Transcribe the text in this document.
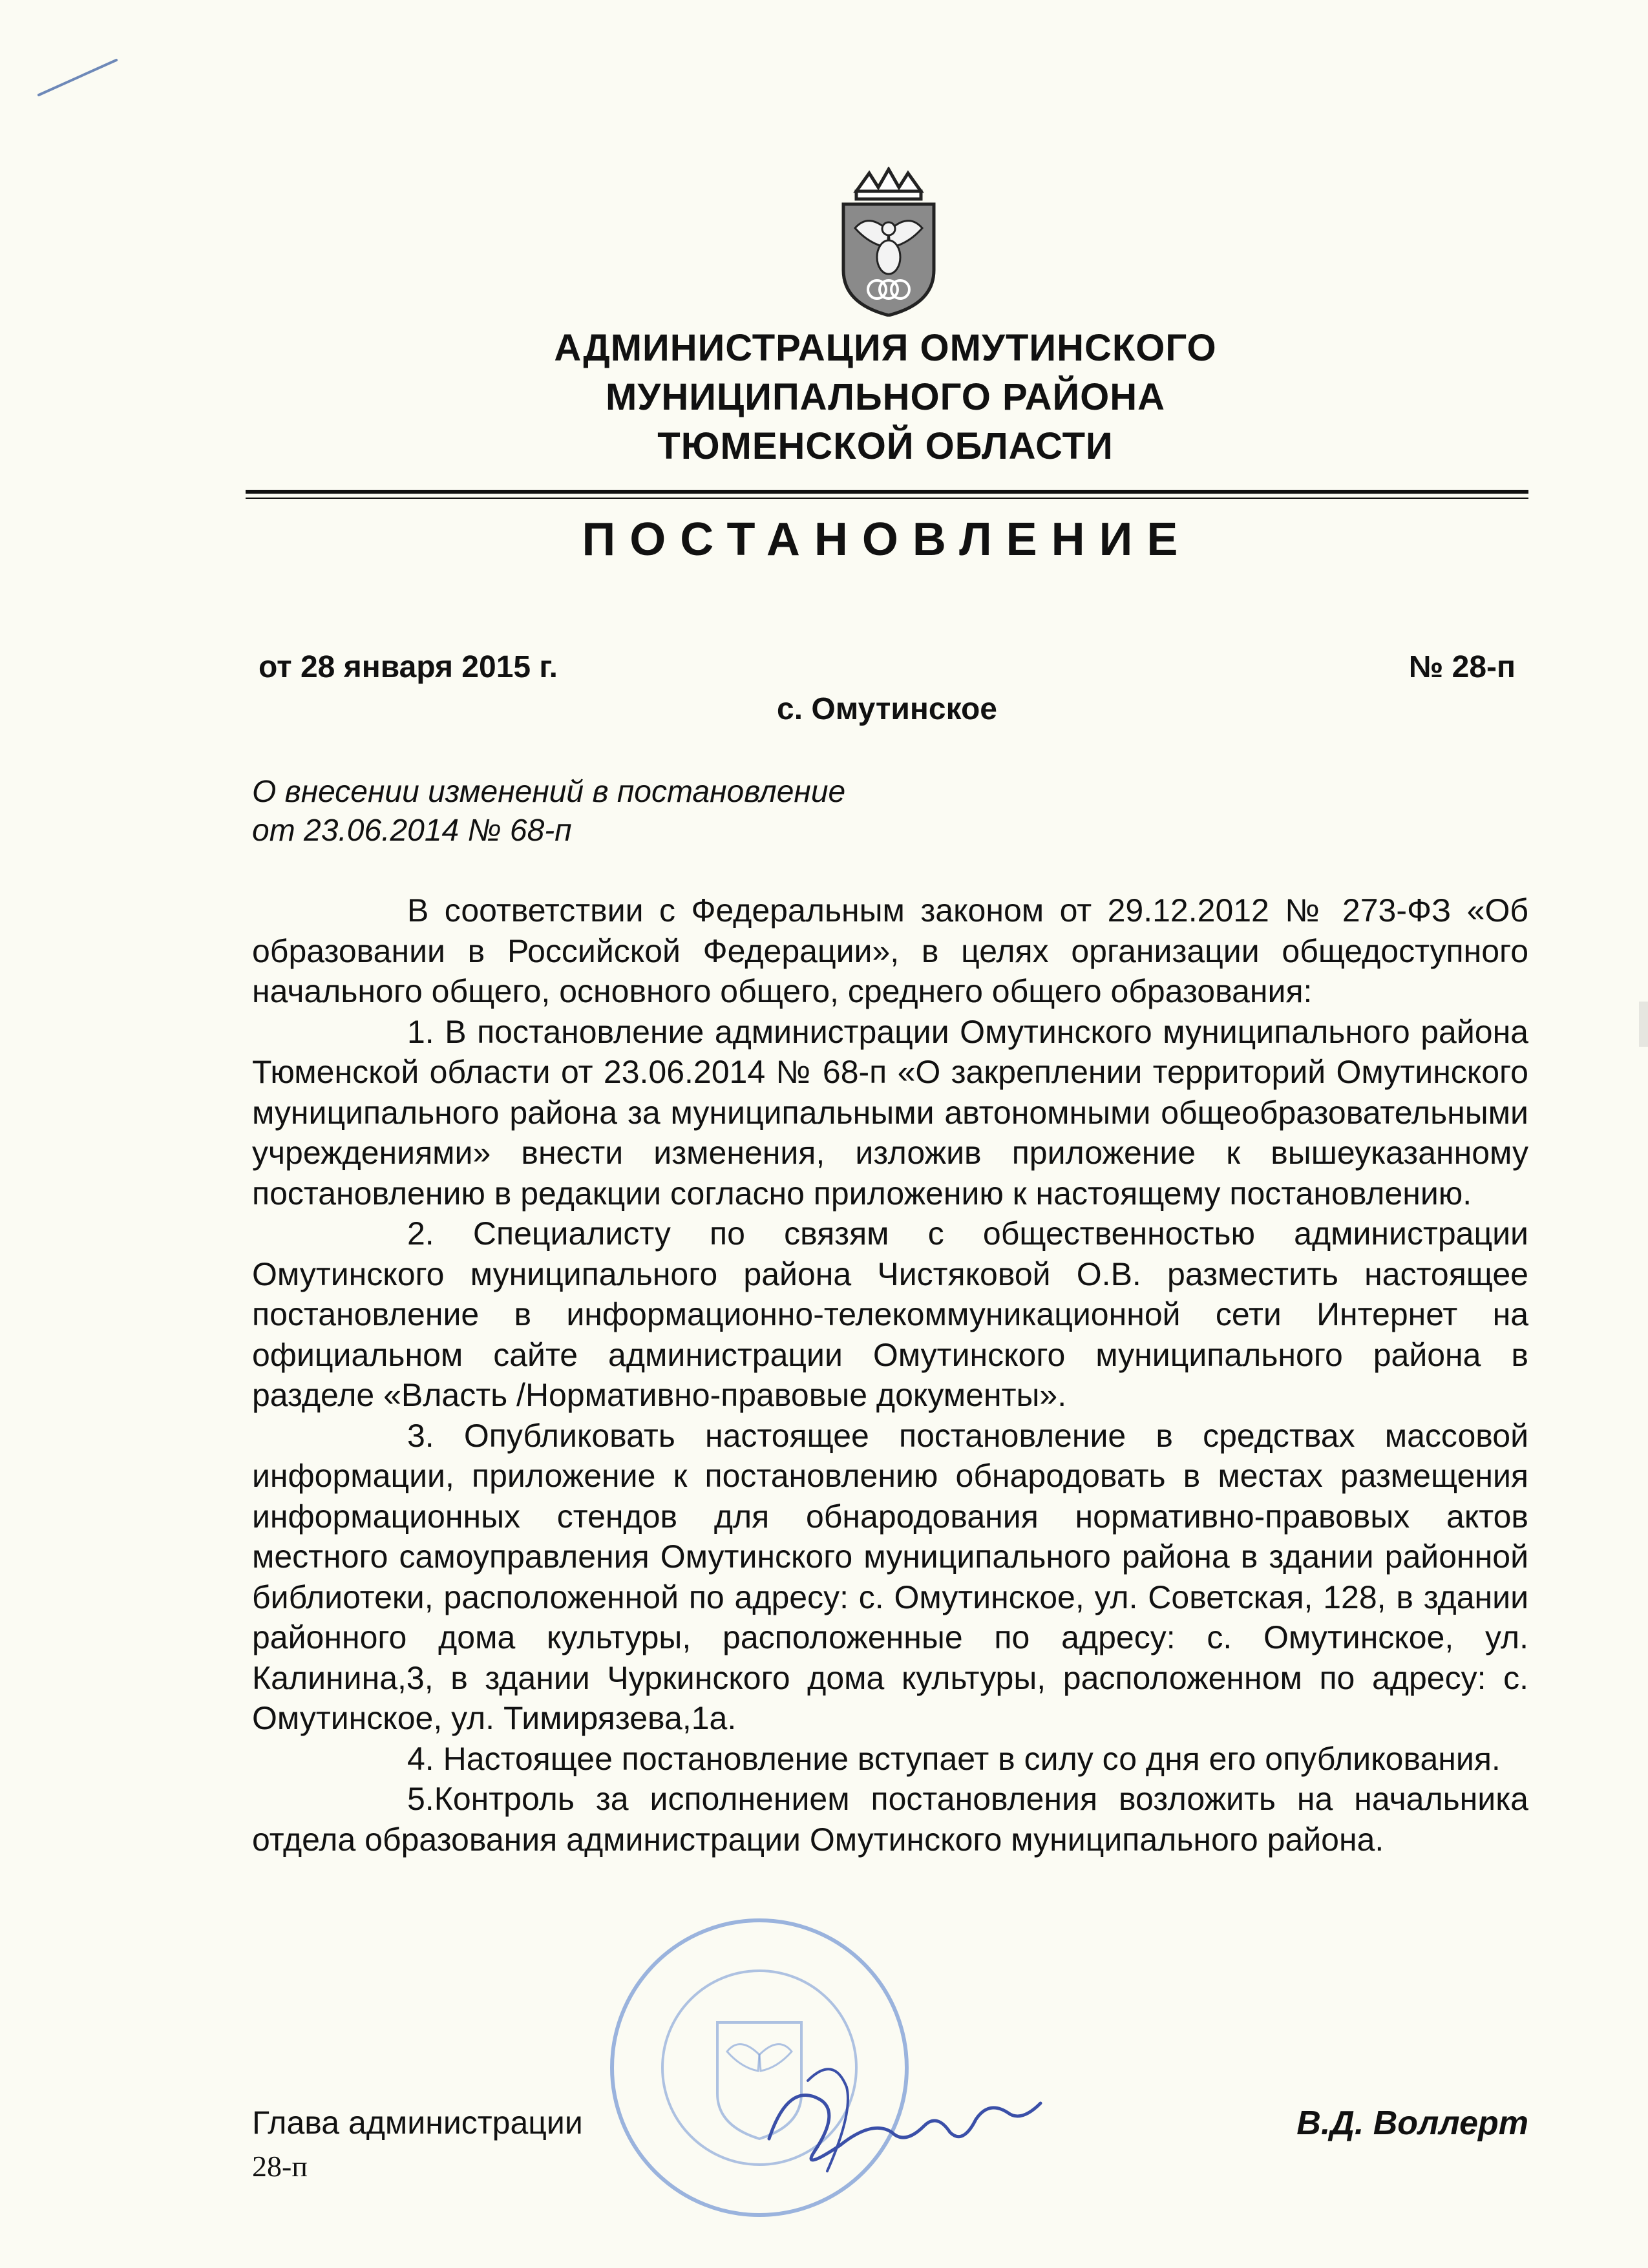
АДМИНИСТРАЦИЯ ОМУТИНСКОГО
МУНИЦИПАЛЬНОГО РАЙОНА
ТЮМЕНСКОЙ ОБЛАСТИ
ПОСТАНОВЛЕНИЕ
от 28 января 2015 г.	№ 28-п
с. Омутинское
О внесении изменений в постановление
от 23.06.2014 № 68-п

В соответствии с Федеральным законом от 29.12.2012 № 273-ФЗ «Об образовании в Российской Федерации», в целях организации общедоступного начального общего, основного общего, среднего общего образования:

1. В постановление администрации Омутинского муниципального района Тюменской области от 23.06.2014 № 68-п «О закреплении территорий Омутинского муниципального района за муниципальными автономными общеобразовательными учреждениями» внести изменения, изложив приложение к вышеуказанному постановлению в редакции согласно приложению к настоящему постановлению.

2. Специалисту по связям с общественностью администрации Омутинского муниципального района Чистяковой О.В. разместить настоящее постановление в информационно-телекоммуникационной сети Интернет на официальном сайте администрации Омутинского муниципального района в разделе «Власть /Нормативно-правовые документы».

3. Опубликовать настоящее постановление в средствах массовой информации, приложение к постановлению обнародовать в местах размещения информационных стендов для обнародования нормативно-правовых актов местного самоуправления Омутинского муниципального района в здании районной библиотеки, расположенной по адресу: с. Омутинское, ул. Советская, 128, в здании районного дома культуры, расположенные по адресу: с. Омутинское, ул. Калинина,3, в здании Чуркинского дома культуры, расположенном по адресу: с. Омутинское, ул. Тимирязева,1а.

4. Настоящее постановление вступает в силу со дня его опубликования.

5.Контроль за исполнением постановления возложить на начальника отдела образования администрации Омутинского муниципального района.

Глава администрации	В.Д. Воллерт
28-п
